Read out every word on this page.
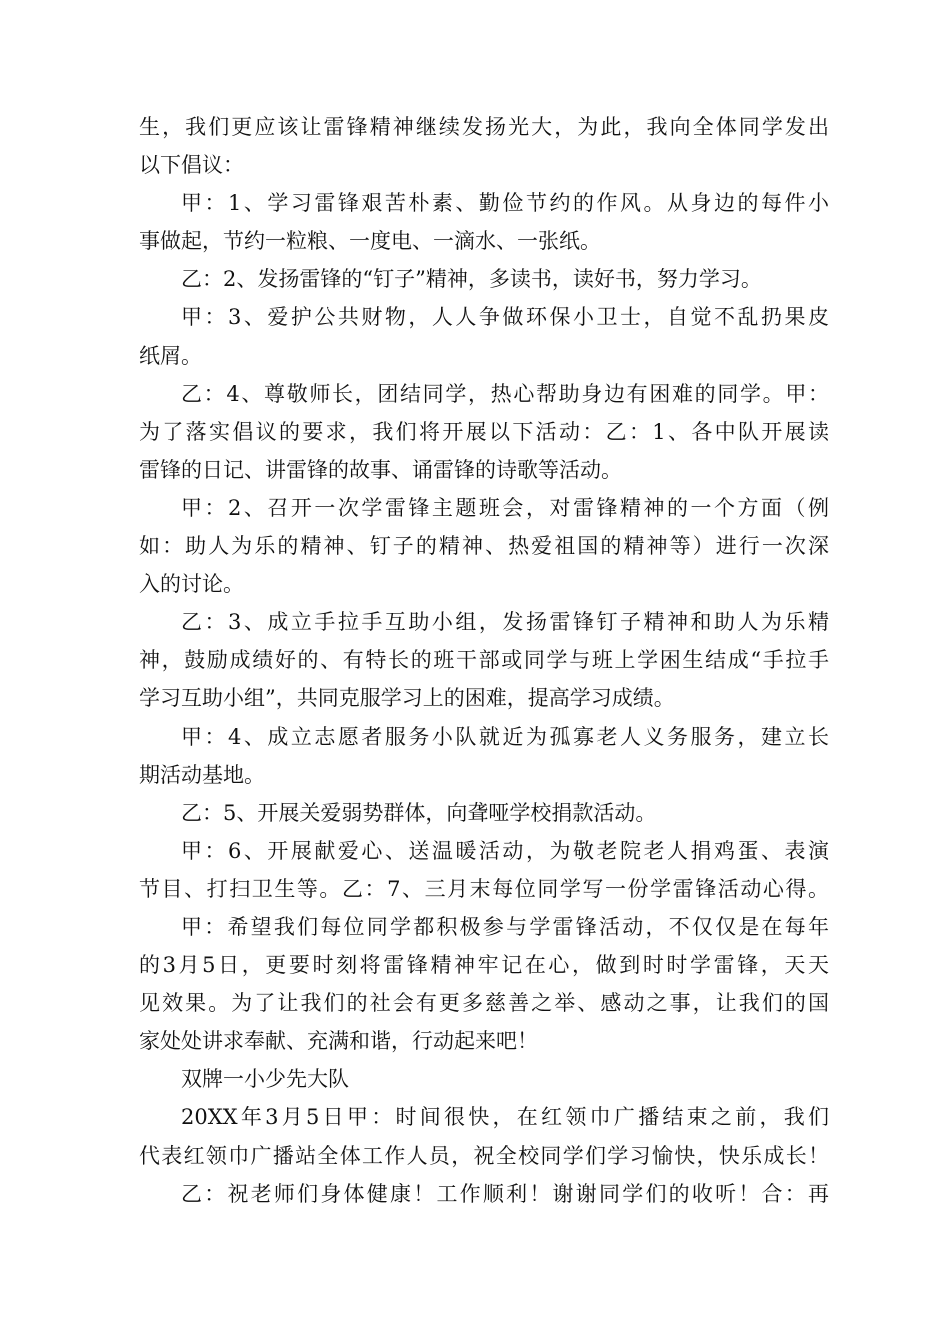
生，我们更应该让雷锋精神继续发扬光大，为此，我向全体同学发出
以下倡议：
甲：1、学习雷锋艰苦朴素、勤俭节约的作风。从身边的每件小
事做起，节约一粒粮、一度电、一滴水、一张纸。
乙：2、发扬雷锋的“钉子”精神，多读书，读好书，努力学习。
甲：3、爱护公共财物，人人争做环保小卫士，自觉不乱扔果皮
纸屑。
乙：4、尊敬师长，团结同学，热心帮助身边有困难的同学。甲：
为了落实倡议的要求，我们将开展以下活动：乙：1、各中队开展读
雷锋的日记、讲雷锋的故事、诵雷锋的诗歌等活动。
甲：2、召开一次学雷锋主题班会，对雷锋精神的一个方面（例
如：助人为乐的精神、钉子的精神、热爱祖国的精神等）进行一次深
入的讨论。
乙：3、成立手拉手互助小组，发扬雷锋钉子精神和助人为乐精
神，鼓励成绩好的、有特长的班干部或同学与班上学困生结成“手拉手
学习互助小组”，共同克服学习上的困难，提高学习成绩。
甲：4、成立志愿者服务小队就近为孤寡老人义务服务，建立长
期活动基地。
乙：5、开展关爱弱势群体，向聋哑学校捐款活动。
甲：6、开展献爱心、送温暖活动，为敬老院老人捐鸡蛋、表演
节目、打扫卫生等。乙：7、三月末每位同学写一份学雷锋活动心得。
甲：希望我们每位同学都积极参与学雷锋活动，不仅仅是在每年
的3月5日，更要时刻将雷锋精神牢记在心，做到时时学雷锋，天天
见效果。为了让我们的社会有更多慈善之举、感动之事，让我们的国
家处处讲求奉献、充满和谐，行动起来吧！
双牌一小少先大队
20XX年3月5日甲：时间很快，在红领巾广播结束之前，我们
代表红领巾广播站全体工作人员，祝全校同学们学习愉快，快乐成长！
乙：祝老师们身体健康！工作顺利！谢谢同学们的收听！合：再
